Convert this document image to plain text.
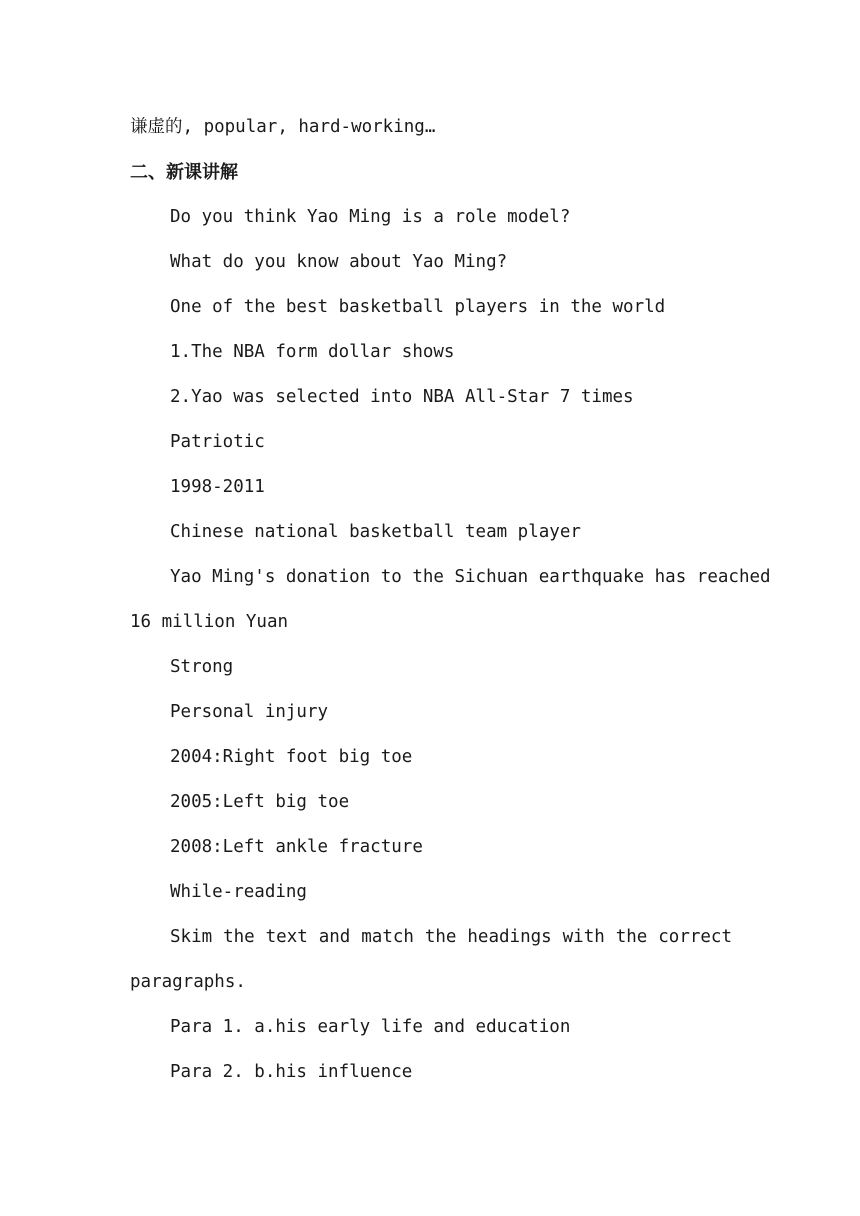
谦虚的, popular, hard-working…
二、新课讲解
Do you think Yao Ming is a role model?
What do you know about Yao Ming?
One of the best basketball players in the world
1.The NBA form dollar shows
2.Yao was selected into NBA All-Star 7 times
Patriotic
1998-2011
Chinese national basketball team player
Yao Ming's donation to the Sichuan earthquake has reached
16 million Yuan
Strong
Personal injury
2004:Right foot big toe
2005:Left big toe
2008:Left ankle fracture
While-reading
Skim the text and match the headings with the correct
paragraphs.
Para 1. a.his early life and education
Para 2. b.his influence
